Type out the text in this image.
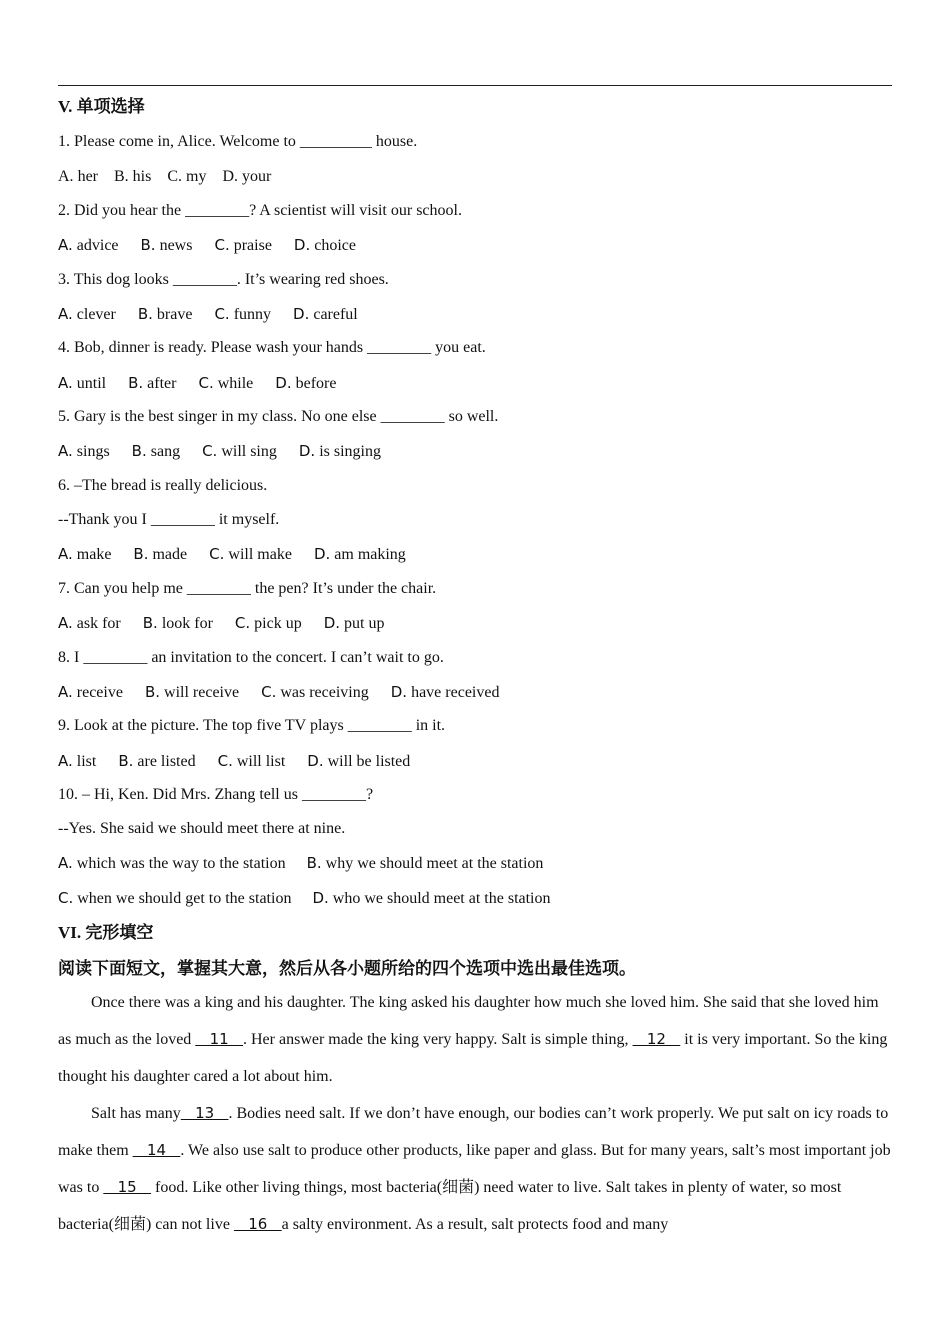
V. 单项选择
1. Please come in, Alice. Welcome to _________ house.
A. her B. his C. my D. your
2. Did you hear the ________? A scientist will visit our school.
A. advice B. news C. praise D. choice
3. This dog looks ________. It’s wearing red shoes.
A. clever B. brave C. funny D. careful
4. Bob, dinner is ready. Please wash your hands ________ you eat.
A. until B. after C. while D. before
5. Gary is the best singer in my class. No one else ________ so well.
A. sings B. sang C. will sing D. is singing
6. –The bread is really delicious.
--Thank you I ________ it myself.
A. make B. made C. will make D. am making
7. Can you help me ________ the pen? It’s under the chair.
A. ask for B. look for C. pick up D. put up
8. I ________ an invitation to the concert. I can’t wait to go.
A. receive B. will receive C. was receiving D. have received
9. Look at the picture. The top five TV plays ________ in it.
A. list B. are listed C. will list D. will be listed
10. – Hi, Ken. Did Mrs. Zhang tell us ________?
--Yes. She said we should meet there at nine.
A. which was the way to the station B. why we should meet at the station
C. when we should get to the station D. who we should meet at the station
VI. 完形填空
阅读下面短文，掌握其大意，然后从各小题所给的四个选项中选出最佳选项。

Once there was a king and his daughter. The king asked his daughter how much she loved him. She said that she loved him as much as the loved    11   . Her answer made the king very happy. Salt is simple thing,    12    it is very important. So the king thought his daughter cared a lot about him.

Salt has many   13   . Bodies need salt. If we don’t have enough, our bodies can’t work properly. We put salt on icy roads to make them    14   . We also use salt to produce other products, like paper and glass. But for many years, salt’s most important job was to    15    food. Like other living things, most bacteria(细菌) need water to live. Salt takes in plenty of water, so most bacteria(细菌) can not live    16   a salty environment. As a result, salt protects food and many
